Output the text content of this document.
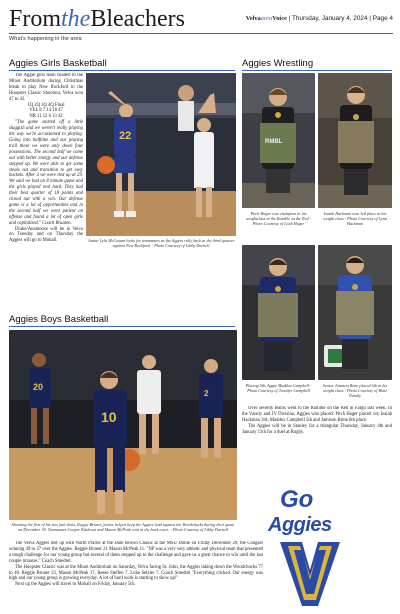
FromtheBleachers	VelvaareaVoice | Thursday, January 4, 2024 | Page 4
What's happening in the area
Aggies Girls Basketball

The Aggie girls team headed to the Minot Auditorium during Christmas break to play New Rockford in the Hoopster Classic Shootout. Velva won 47 to 42.

1Q 2Q 3Q 4Q Final

VEL 8 7 14 18 47

NR 11 12 6 13 42

"The game started off a little sluggish and we weren't really playing the way we're accustomed to playing. Going into halftime and our playing trail these we were only down four possessions. The second half we came out with better energy and our defense stepped up. We were able to get some steals out and transition to get easy buckets. After 3 we were tied up at 29. We said we had an 8 minute game and the girls played real hard. They had their best quarter of 18 points and closed out with a win. Our defense game is a lot of opportunities and in the second half we went patient on offense and found a lot of open girls and capitalized." Coach Bruaten.

Drake/Anamoose will be in Velva on Tuesday and on Thursday the Aggies will go to Mohall.

22
Junior Lyla McCusam looks for teammates as the Aggies rally back in the third quarter against New Rockford. - Photo Courtesy of Libby Darnell
Aggies Wrestling
RMBL
Pitch Hager was champion in his weightclass at the Rumble on the Red - Photo Courtesy of Leah Hager
Isaiah Hackman won 3rd place in his weight class - Photo Courtesy of Lynn Hackman
Placing 5th, Aggie Maddox Campbell - Photo Courtesy of Jennifer Campbell
Senior Jamison Rime placed 6th in his weight class - Photo Courtesy of Rime Family

Over seventy teams went to the Rumble on the Red in Fargo last week. In the Varsity and JV Division, Aggies who placed: Pitch Hager placed 1st; Isaiah Hackman 3rd; Maddox Campbell 5th and Jamison Rime 6th place.

The Aggies will be in Stanley for a triangular Thursday, January 4th and January 11th for a duel at Rugby.

Aggies Boys Basketball
20
2
10
Shooting the first of his two foul shots, Reggie Bruner, junior, helped keep the Aggies lead against the Woodchucks during their game on December 30. Teammates Cooper Kittleson and Mason McPeak wait in the back court. - Photo Courtesy of Libby Darnell

The Velva Aggies met up with North Prairie at the Dale Brown Classic at the MSU Dome on Friday December 29, the Cougars winning 49 to 37 over the Aggies. Reggie Bruner 21 Mason McPeak 11. "NP was a very very athletic and physical team that presented a tough challenge for our young group but several of them stepped up to the challenge and gave us a great chance to win until the last couple minutes." Coach Smedrel.

The Hoopster Classic was at the Minot Auditorium on Saturday, Velva facing St. John, the Aggies taking down the Woodchucks 77 to 40. Reggie Bruner 33, Mason McPeak 17, Reese Steffen 7, Luke Selzler 7. Coach Smedrel "Everything clicked. Our energy was high and our young group is growing everyday. A lot of hard work is starting to show up!"

Next up the Aggies will travel to Mohall on Friday, January 5th.

Go
Aggies
